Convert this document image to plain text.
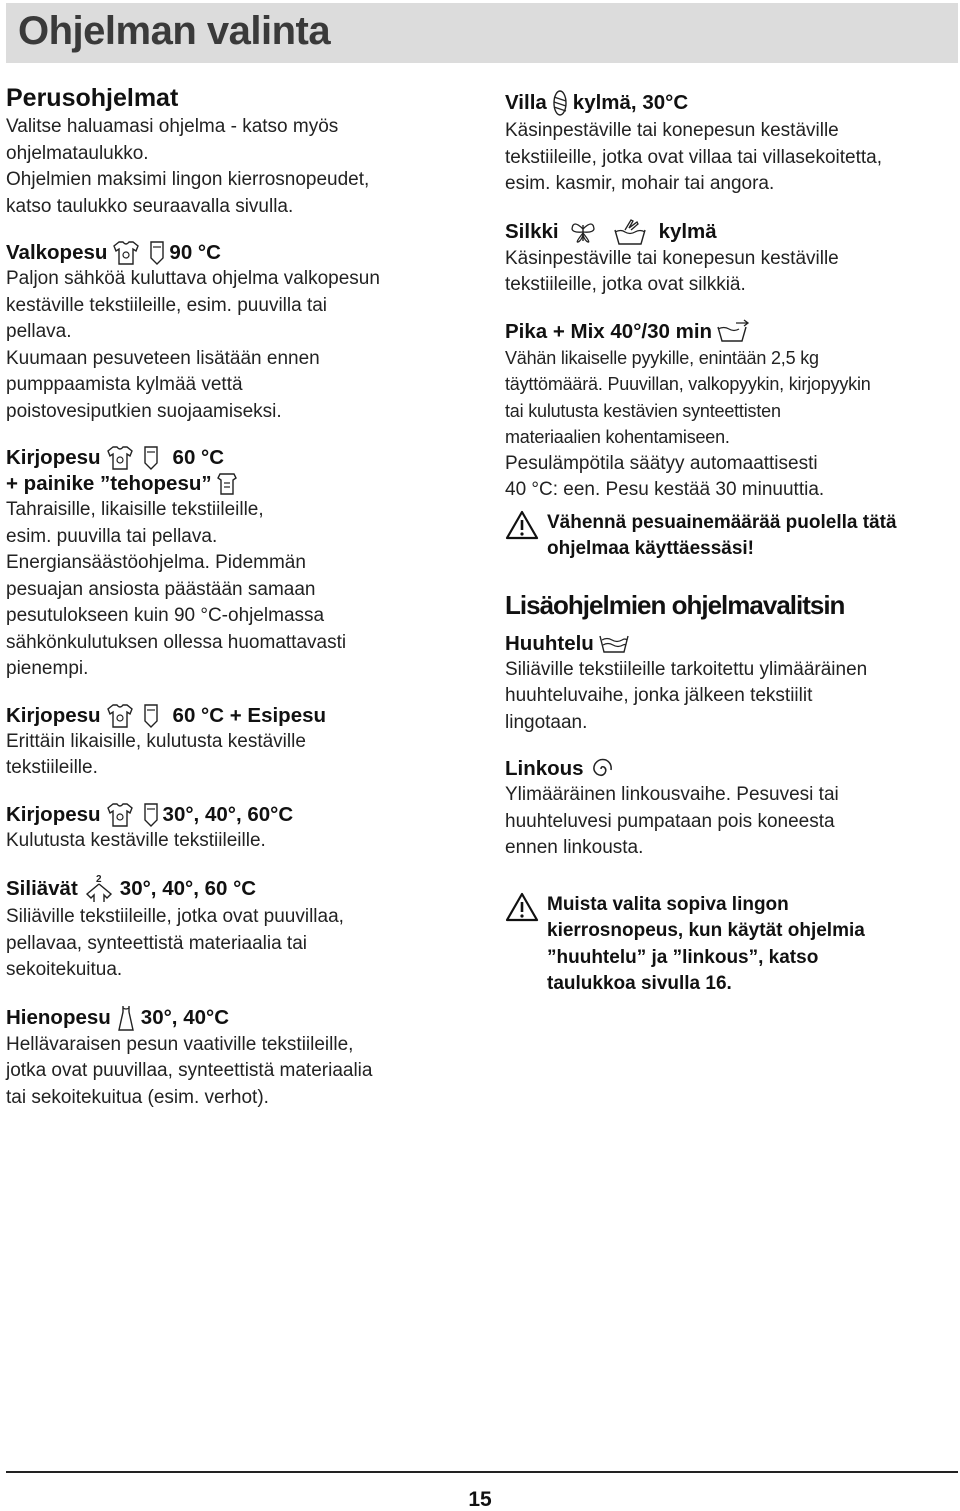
Ohjelman valinta
Perusohjelmat
Valitse haluamasi ohjelma - katso myös
ohjelmataulukko.
Ohjelmien maksimi lingon kierrosnopeudet,
katso taulukko seuraavalla sivulla.
Valkopesu	90 °C
Paljon sähköä kuluttava ohjelma valkopesun
kestäville tekstiileille, esim. puuvilla tai
pellava.
Kuumaan pesuveteen lisätään ennen
pumppaamista kylmää vettä
poistovesiputkien suojaamiseksi.
Kirjopesu	60 °C
+ painike ”tehopesu”
Tahraisille, likaisille tekstiileille,
esim. puuvilla tai pellava.
Energiansäästöohjelma. Pidemmän
pesuajan ansiosta päästään samaan
pesutulokseen kuin 90 °C-ohjelmassa
sähkönkulutuksen ollessa huomattavasti
pienempi.
Kirjopesu	60 °C + Esipesu
Erittäin likaisille, kulutusta kestäville
tekstiileille.
Kirjopesu	30°, 40°, 60°C
Kulutusta kestäville tekstiileille.
Siliävät 2 30°, 40°, 60 °C
Siliäville tekstiileille, jotka ovat puuvillaa,
pellavaa, synteettistä materiaalia tai
sekoitekuitua.
Hienopesu 30°, 40°C
Hellävaraisen pesun vaativille tekstiileille,
jotka ovat puuvillaa, synteettistä materiaalia
tai sekoitekuitua (esim. verhot).
Villa kylmä, 30°C
Käsinpestäville tai konepesun kestäville
tekstiileille, jotka ovat villaa tai villasekoitetta,
esim. kasmir, mohair tai angora.
Silkki	kylmä
Käsinpestäville tai konepesun kestäville
tekstiileille, jotka ovat silkkiä.
Pika + Mix 40°/30 min
Vähän likaiselle pyykille, enintään 2,5 kg
täyttömäärä. Puuvillan, valkopyykin, kirjopyykin
tai kulutusta kestävien synteettisten
materiaalien kohentamiseen.
Pesulämpötila säätyy automaattisesti
40 °C: een. Pesu kestää 30 minuuttia.
Vähennä pesuainemäärää puolella tätä
ohjelmaa käyttäessäsi!
Lisäohjelmien ohjelmavalitsin
Huuhtelu
Siliäville tekstiileille tarkoitettu ylimääräinen
huuhteluvaihe, jonka jälkeen tekstiilit
lingotaan.
Linkous
Ylimääräinen linkousvaihe. Pesuvesi tai
huuhteluvesi pumpataan pois koneesta
ennen linkousta.
Muista valita sopiva lingon
kierrosnopeus, kun käytät ohjelmia
”huuhtelu” ja ”linkous”, katso
taulukkoa sivulla 16.
15
